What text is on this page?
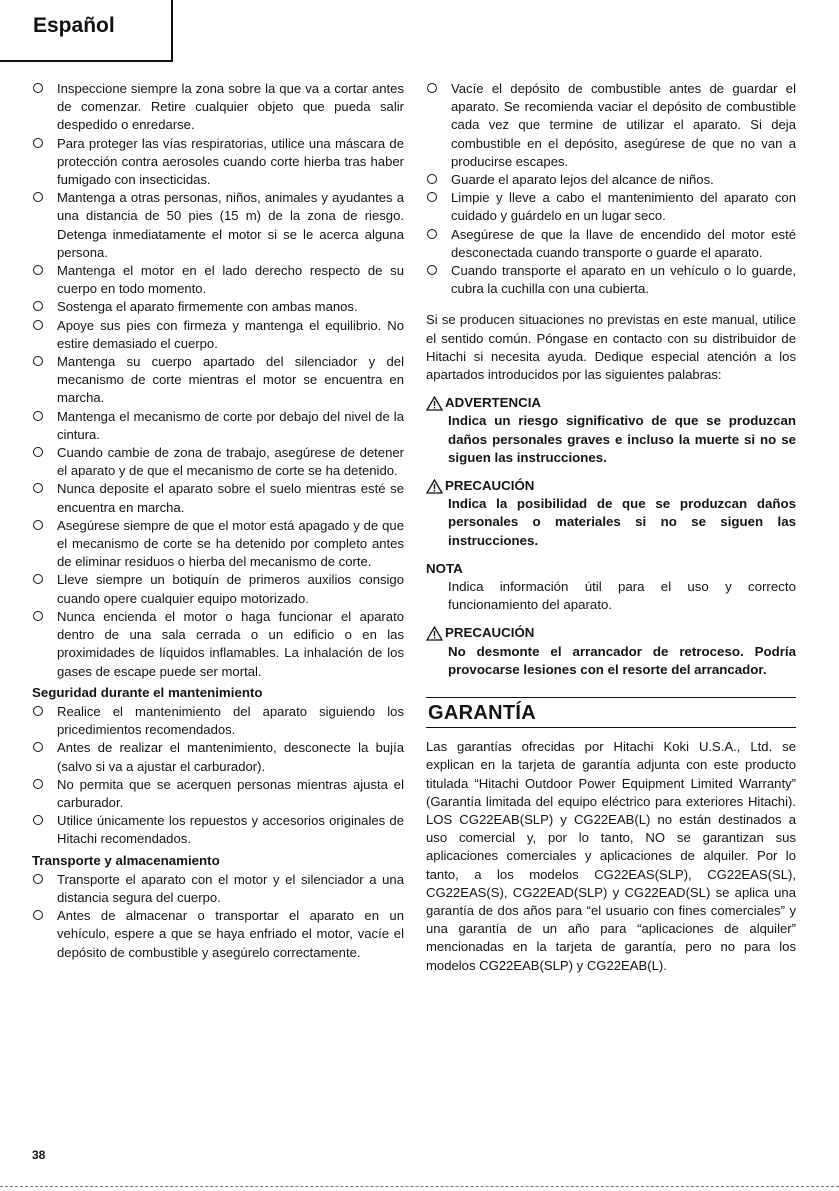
Español
Inspeccione siempre la zona sobre la que va a cortar antes de comenzar. Retire cualquier objeto que pueda salir despedido o enredarse.
Para proteger las vías respiratorias, utilice una máscara de protección contra aerosoles cuando corte hierba tras haber fumigado con insecticidas.
Mantenga a otras personas, niños, animales y ayudantes a una distancia de 50 pies (15 m) de la zona de riesgo. Detenga inmediatamente el motor si se le acerca alguna persona.
Mantenga el motor en el lado derecho respecto de su cuerpo en todo momento.
Sostenga el aparato firmemente con ambas manos.
Apoye sus pies con firmeza y mantenga el equilibrio. No estire demasiado el cuerpo.
Mantenga su cuerpo apartado del silenciador y del mecanismo de corte mientras el motor se encuentra en marcha.
Mantenga el mecanismo de corte por debajo del nivel de la cintura.
Cuando cambie de zona de trabajo, asegúrese de detener el aparato y de que el mecanismo de corte se ha detenido.
Nunca deposite el aparato sobre el suelo mientras esté se encuentra en marcha.
Asegúrese siempre de que el motor está apagado y de que el mecanismo de corte se ha detenido por completo antes de eliminar residuos o hierba del mecanismo de corte.
Lleve siempre un botiquín de primeros auxilios consigo cuando opere cualquier equipo motorizado.
Nunca encienda el motor o haga funcionar el aparato dentro de una sala cerrada o un edificio o en las proximidades de líquidos inflamables. La inhalación de los gases de escape puede ser mortal.
Seguridad durante el mantenimiento
Realice el mantenimiento del aparato siguiendo los pricedimientos recomendados.
Antes de realizar el mantenimiento, desconecte la bujía (salvo si va a ajustar el carburador).
No permita que se acerquen personas mientras ajusta el carburador.
Utilice únicamente los repuestos y accesorios originales de Hitachi recomendados.
Transporte y almacenamiento
Transporte el aparato con el motor y el silenciador a una distancia segura del cuerpo.
Antes de almacenar o transportar el aparato en un vehículo, espere a que se haya enfriado el motor, vacíe el depósito de combustible y asegúrelo correctamente.
Vacíe el depósito de combustible antes de guardar el aparato. Se recomienda vaciar el depósito de combustible cada vez que termine de utilizar el aparato. Si deja combustible en el depósito, asegúrese de que no van a producirse escapes.
Guarde el aparato lejos del alcance de niños.
Limpie y lleve a cabo el mantenimiento del aparato con cuidado y guárdelo en un lugar seco.
Asegúrese de que la llave de encendido del motor esté desconectada cuando transporte o guarde el aparato.
Cuando transporte el aparato en un vehículo o lo guarde, cubra la cuchilla con una cubierta.

Si se producen situaciones no previstas en este manual, utilice el sentido común. Póngase en contacto con su distribuidor de Hitachi si necesita ayuda. Dedique especial atención a los apartados introducidos por las siguientes palabras:

ADVERTENCIA
Indica un riesgo significativo de que se produzcan daños personales graves e incluso la muerte si no se siguen las instrucciones.
PRECAUCIÓN
Indica la posibilidad de que se produzcan daños personales o materiales si no se siguen las instrucciones.
NOTA
Indica información útil para el uso y correcto funcionamiento del aparato.
PRECAUCIÓN
No desmonte el arrancador de retroceso. Podría provocarse lesiones con el resorte del arrancador.
GARANTÍA

Las garantías ofrecidas por Hitachi Koki U.S.A., Ltd. se explican en la tarjeta de garantía adjunta con este producto titulada “Hitachi Outdoor Power Equipment Limited Warranty” (Garantía limitada del equipo eléctrico para exteriores Hitachi). LOS CG22EAB(SLP) y CG22EAB(L) no están destinados a uso comercial y, por lo tanto, NO se garantizan sus aplicaciones comerciales y aplicaciones de alquiler. Por lo tanto, a los modelos CG22EAS(SLP), CG22EAS(SL), CG22EAS(S), CG22EAD(SLP) y CG22EAD(SL) se aplica una garantía de dos años para “el usuario con fines comerciales” y una garantía de un año para “aplicaciones de alquiler” mencionadas en la tarjeta de garantía, pero no para los modelos CG22EAB(SLP) y CG22EAB(L).

38
